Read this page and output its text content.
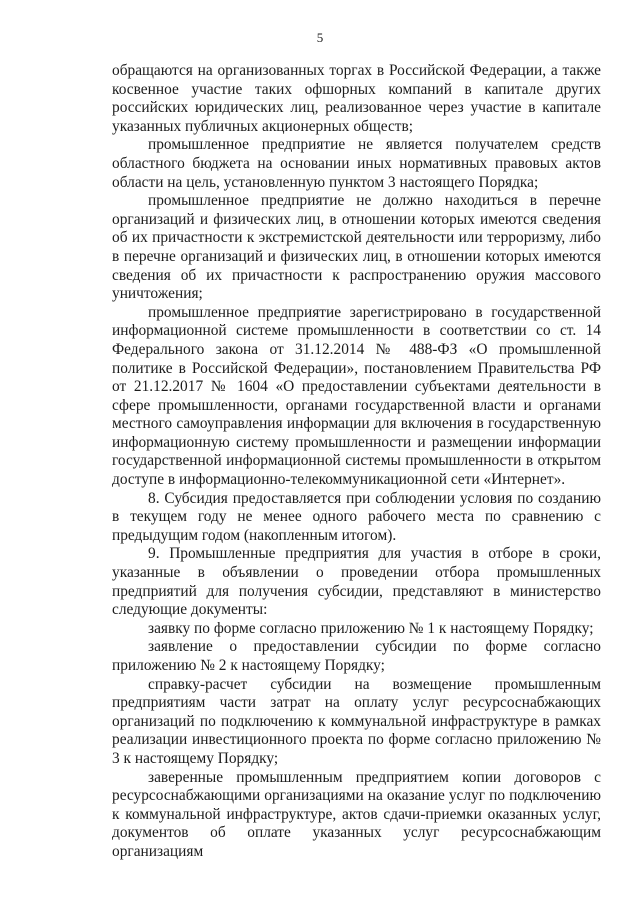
5

обращаются на организованных торгах в Российской Федерации, а также косвенное участие таких офшорных компаний в капитале других российских юридических лиц, реализованное через участие в капитале указанных публичных акционерных обществ;

промышленное предприятие не является получателем средств областного бюджета на основании иных нормативных правовых актов области на цель, установленную пунктом 3 настоящего Порядка;

промышленное предприятие не должно находиться в перечне организаций и физических лиц, в отношении которых имеются сведения об их причастности к экстремистской деятельности или терроризму, либо в перечне организаций и физических лиц, в отношении которых имеются сведения об их причастности к распространению оружия массового уничтожения;

промышленное предприятие зарегистрировано в государственной информационной системе промышленности в соответствии со ст. 14 Федерального закона от 31.12.2014 № 488-ФЗ «О промышленной политике в Российской Федерации», постановлением Правительства РФ от 21.12.2017 № 1604 «О предоставлении субъектами деятельности в сфере промышленности, органами государственной власти и органами местного самоуправления информации для включения в государственную информационную систему промышленности и размещении информации государственной информационной системы промышленности в открытом доступе в информационно-телекоммуникационной сети «Интернет».

8. Субсидия предоставляется при соблюдении условия по созданию в текущем году не менее одного рабочего места по сравнению с предыдущим годом (накопленным итогом).

9. Промышленные предприятия для участия в отборе в сроки, указанные в объявлении о проведении отбора промышленных предприятий для получения субсидии, представляют в министерство следующие документы:

заявку по форме согласно приложению № 1 к настоящему Порядку;

заявление о предоставлении субсидии по форме согласно приложению № 2 к настоящему Порядку;

справку-расчет субсидии на возмещение промышленным предприятиям части затрат на оплату услуг ресурсоснабжающих организаций по подключению к коммунальной инфраструктуре в рамках реализации инвестиционного проекта по форме согласно приложению № 3 к настоящему Порядку;

заверенные промышленным предприятием копии договоров с ресурсоснабжающими организациями на оказание услуг по подключению к коммунальной инфраструктуре, актов сдачи-приемки оказанных услуг, документов об оплате указанных услуг ресурсоснабжающим организациям
